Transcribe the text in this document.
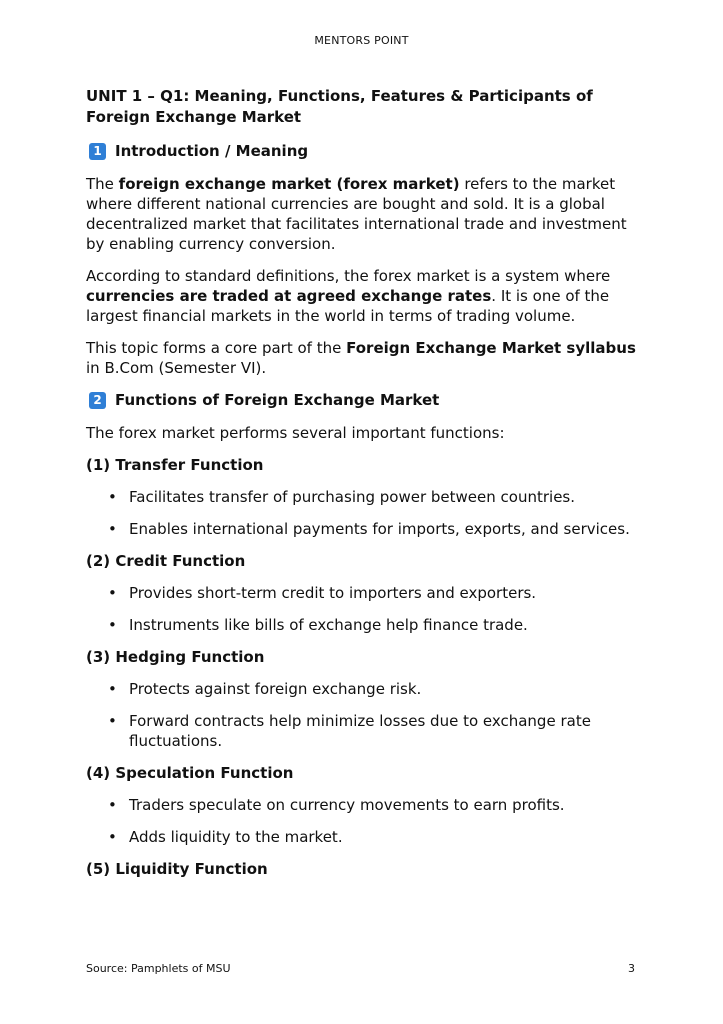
MENTORS POINT
UNIT 1 – Q1: Meaning, Functions, Features & Participants of Foreign Exchange Market
1 Introduction / Meaning

The foreign exchange market (forex market) refers to the market where different national currencies are bought and sold. It is a global decentralized market that facilitates international trade and investment by enabling currency conversion.

According to standard definitions, the forex market is a system where currencies are traded at agreed exchange rates. It is one of the largest financial markets in the world in terms of trading volume.

This topic forms a core part of the Foreign Exchange Market syllabus in B.Com (Semester VI).

2 Functions of Foreign Exchange Market

The forex market performs several important functions:

(1) Transfer Function
• Facilitates transfer of purchasing power between countries.
• Enables international payments for imports, exports, and services.
(2) Credit Function
• Provides short-term credit to importers and exporters.
• Instruments like bills of exchange help finance trade.
(3) Hedging Function
• Protects against foreign exchange risk.
• Forward contracts help minimize losses due to exchange rate fluctuations.
(4) Speculation Function
• Traders speculate on currency movements to earn profits.
• Adds liquidity to the market.
(5) Liquidity Function
Source: Pamphlets of MSU	3
